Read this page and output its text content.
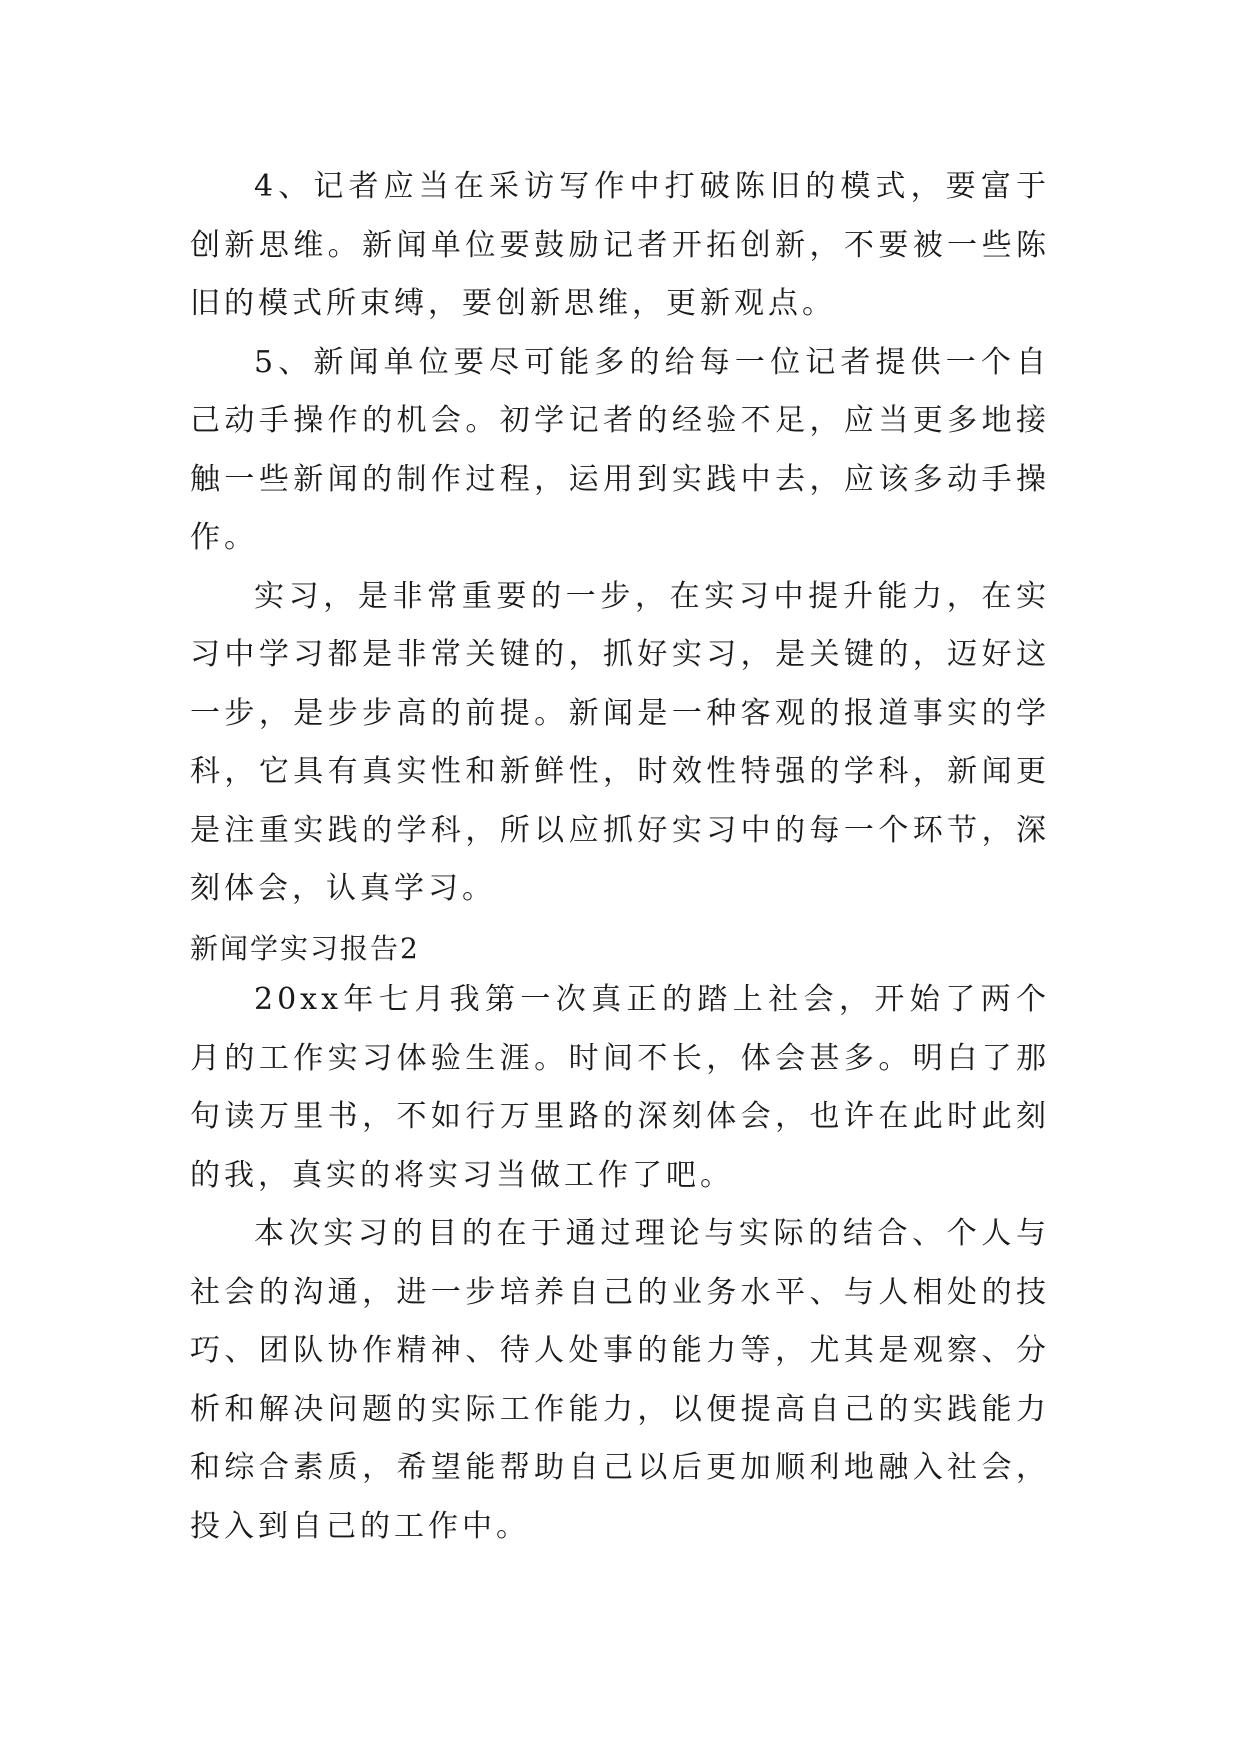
4、记者应当在采访写作中打破陈旧的模式，要富于创新思维。新闻单位要鼓励记者开拓创新，不要被一些陈旧的模式所束缚，要创新思维，更新观点。

5、新闻单位要尽可能多的给每一位记者提供一个自己动手操作的机会。初学记者的经验不足，应当更多地接触一些新闻的制作过程，运用到实践中去，应该多动手操作。

实习，是非常重要的一步，在实习中提升能力，在实习中学习都是非常关键的，抓好实习，是关键的，迈好这一步，是步步高的前提。新闻是一种客观的报道事实的学科，它具有真实性和新鲜性，时效性特强的学科，新闻更是注重实践的学科，所以应抓好实习中的每一个环节，深刻体会，认真学习。

新闻学实习报告2

20xx年七月我第一次真正的踏上社会，开始了两个月的工作实习体验生涯。时间不长，体会甚多。明白了那句读万里书，不如行万里路的深刻体会，也许在此时此刻的我，真实的将实习当做工作了吧。

本次实习的目的在于通过理论与实际的结合、个人与社会的沟通，进一步培养自己的业务水平、与人相处的技巧、团队协作精神、待人处事的能力等，尤其是观察、分析和解决问题的实际工作能力，以便提高自己的实践能力和综合素质，希望能帮助自己以后更加顺利地融入社会，投入到自己的工作中。
